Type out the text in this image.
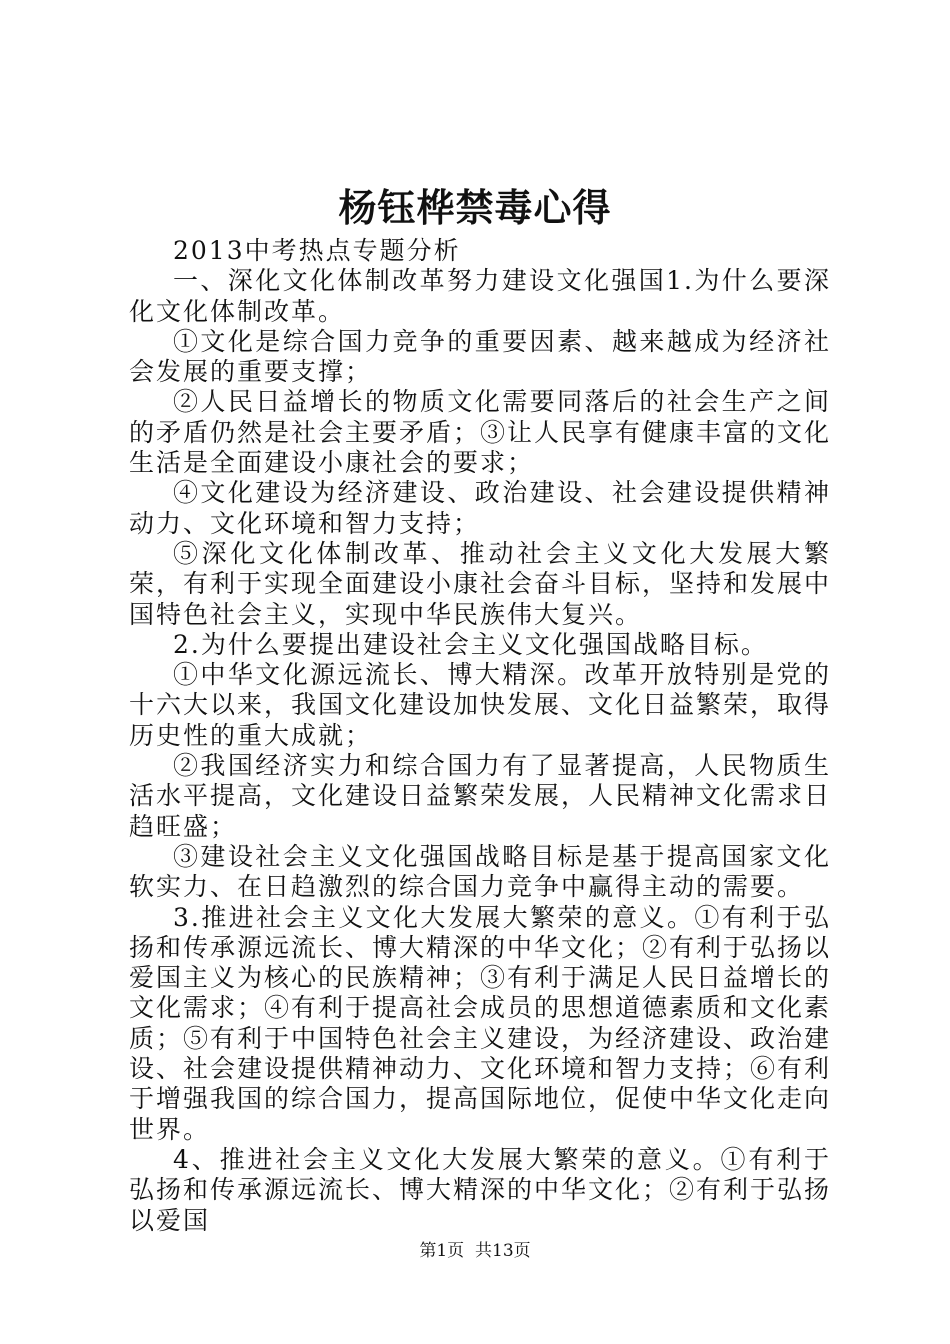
杨钰桦禁毒心得

2013中考热点专题分析

一、深化文化体制改革努力建设文化强国1.为什么要深化文化体制改革。

①文化是综合国力竞争的重要因素、越来越成为经济社会发展的重要支撑；

②人民日益增长的物质文化需要同落后的社会生产之间的矛盾仍然是社会主要矛盾；③让人民享有健康丰富的文化生活是全面建设小康社会的要求；

④文化建设为经济建设、政治建设、社会建设提供精神动力、文化环境和智力支持；

⑤深化文化体制改革、推动社会主义文化大发展大繁荣，有利于实现全面建设小康社会奋斗目标，坚持和发展中国特色社会主义，实现中华民族伟大复兴。

2.为什么要提出建设社会主义文化强国战略目标。

①中华文化源远流长、博大精深。改革开放特别是党的十六大以来，我国文化建设加快发展、文化日益繁荣，取得历史性的重大成就；

②我国经济实力和综合国力有了显著提高，人民物质生活水平提高，文化建设日益繁荣发展，人民精神文化需求日趋旺盛；

③建设社会主义文化强国战略目标是基于提高国家文化软实力、在日趋激烈的综合国力竞争中赢得主动的需要。

3.推进社会主义文化大发展大繁荣的意义。①有利于弘扬和传承源远流长、博大精深的中华文化；②有利于弘扬以爱国主义为核心的民族精神；③有利于满足人民日益增长的文化需求；④有利于提高社会成员的思想道德素质和文化素质；⑤有利于中国特色社会主义建设，为经济建设、政治建设、社会建设提供精神动力、文化环境和智力支持；⑥有利于增强我国的综合国力，提高国际地位，促使中华文化走向世界。

4、推进社会主义文化大发展大繁荣的意义。①有利于弘扬和传承源远流长、博大精深的中华文化；②有利于弘扬以爱国

第1页 共13页
